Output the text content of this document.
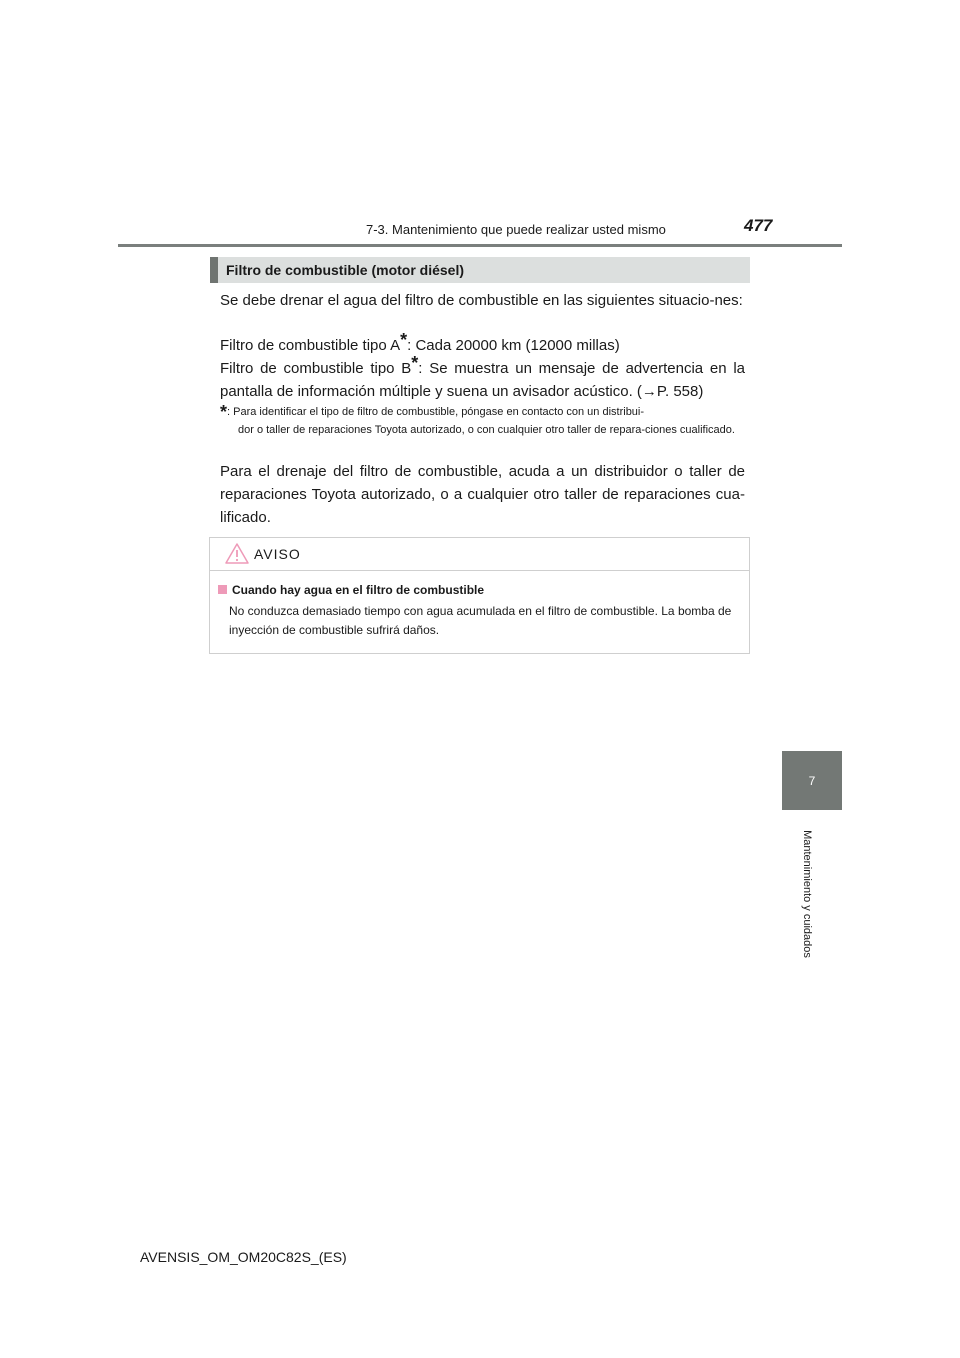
7-3. Mantenimiento que puede realizar usted mismo	477
7
Mantenimiento y cuidados
Filtro de combustible (motor diésel)

Se debe drenar el agua del filtro de combustible en las siguientes situacio-nes:

Filtro de combustible tipo A*: Cada 20000 km (12000 millas)
Filtro de combustible tipo B*: Se muestra un mensaje de advertencia en la pantalla de información múltiple y suena un avisador acústico. (→P. 558)

*: Para identificar el tipo de filtro de combustible, póngase en contacto con un distribui-
dor o taller de reparaciones Toyota autorizado, o con cualquier otro taller de repara-ciones cualificado.

Para el drenaje del filtro de combustible, acuda a un distribuidor o taller de reparaciones Toyota autorizado, o a cualquier otro taller de reparaciones cua-lificado.

AVISO
Cuando hay agua en el filtro de combustible
No conduzca demasiado tiempo con agua acumulada en el filtro de combustible. La bomba de inyección de combustible sufrirá daños.
AVENSIS_OM_OM20C82S_(ES)
